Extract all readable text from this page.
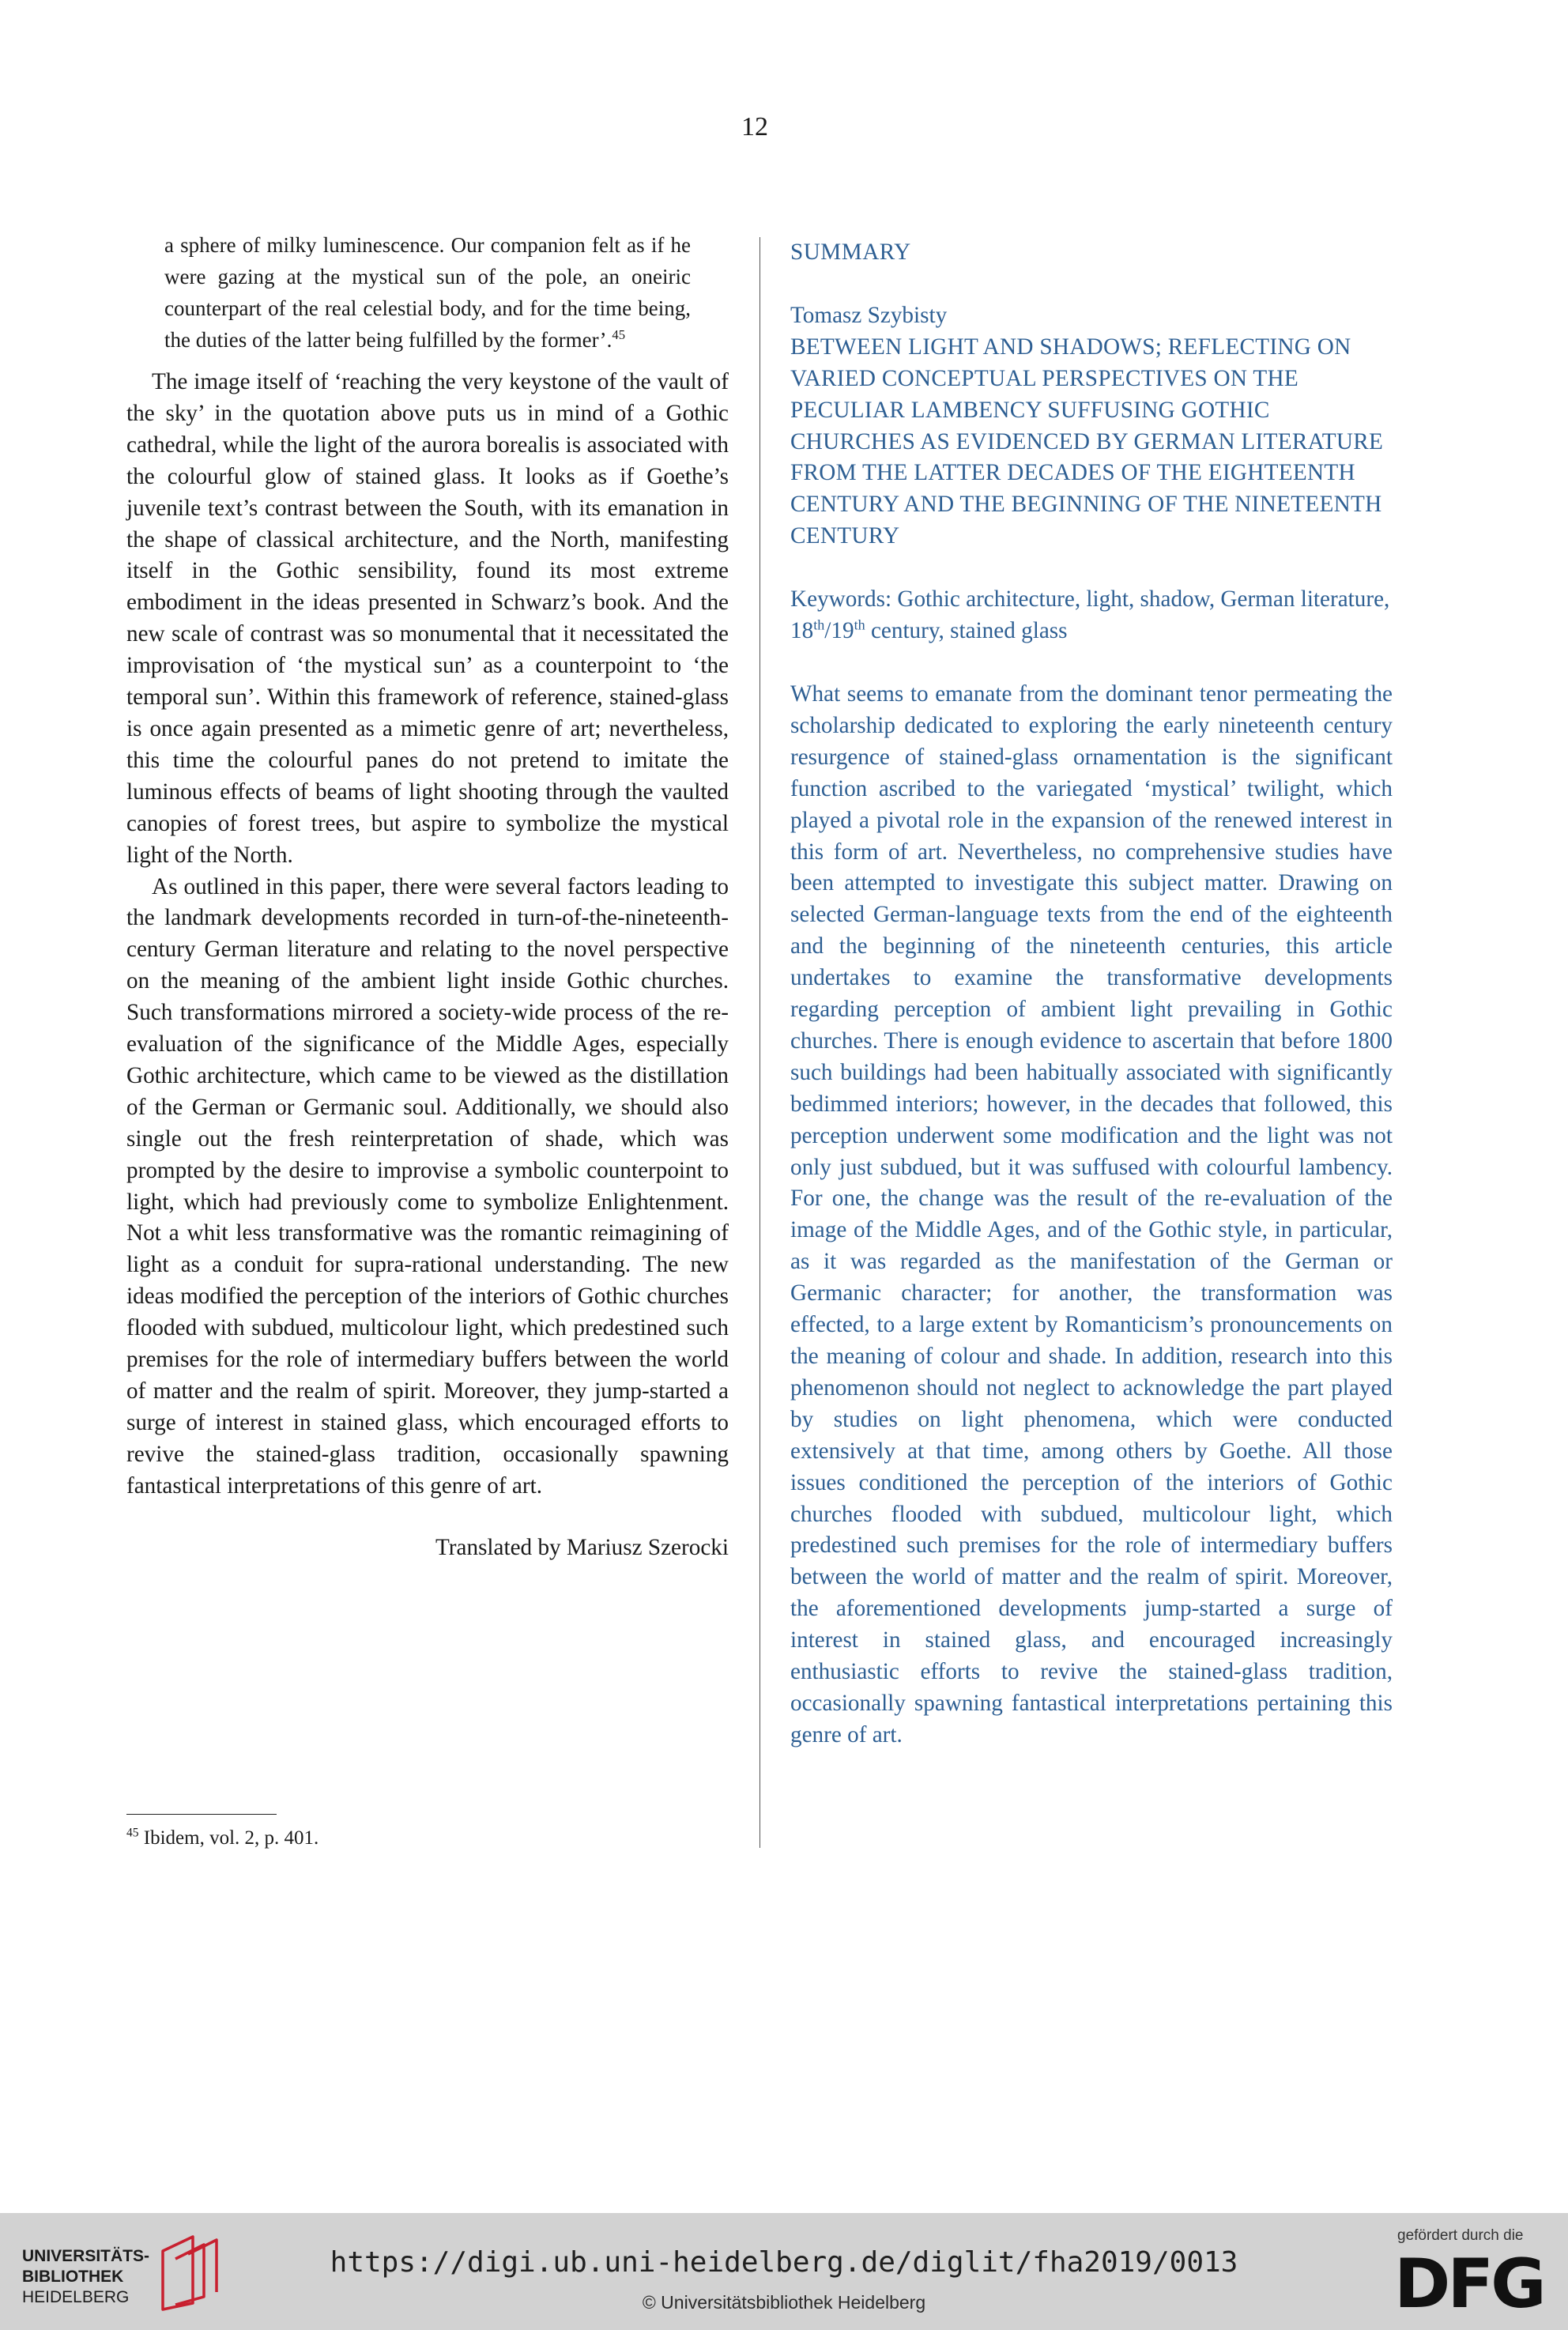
12
a sphere of milky luminescence. Our companion felt as if he were gazing at the mystical sun of the pole, an oneiric counterpart of the real celestial body, and for the time being, the duties of the latter being fulfilled by the former’.$^{45}$

The image itself of ‘reaching the very keystone of the vault of the sky’ in the quotation above puts us in mind of a Gothic cathedral, while the light of the aurora borealis is associated with the colourful glow of stained glass. It looks as if Goethe’s juvenile text’s contrast between the South, with its emanation in the shape of classical architecture, and the North, manifesting itself in the Gothic sensibility, found its most extreme embodiment in the ideas presented in Schwarz’s book. And the new scale of contrast was so monumental that it necessitated the improvisation of ‘the mystical sun’ as a counterpoint to ‘the temporal sun’. Within this framework of reference, stained-glass is once again presented as a mimetic genre of art; nevertheless, this time the colourful panes do not pretend to imitate the luminous effects of beams of light shooting through the vaulted canopies of forest trees, but aspire to symbolize the mystical light of the North.

As outlined in this paper, there were several factors leading to the landmark developments recorded in turn-of-the-nineteenth-century German literature and relating to the novel perspective on the meaning of the ambient light inside Gothic churches. Such transformations mirrored a society-wide process of the re-evaluation of the significance of the Middle Ages, especially Gothic architecture, which came to be viewed as the distillation of the German or Germanic soul. Additionally, we should also single out the fresh reinterpretation of shade, which was prompted by the desire to improvise a symbolic counterpoint to light, which had previously come to symbolize Enlightenment. Not a whit less transformative was the romantic reimagining of light as a conduit for supra-rational understanding. The new ideas modified the perception of the interiors of Gothic churches flooded with subdued, multicolour light, which predestined such premises for the role of intermediary buffers between the world of matter and the realm of spirit. Moreover, they jump-started a surge of interest in stained glass, which encouraged efforts to revive the stained-glass tradition, occasionally spawning fantastical interpretations of this genre of art.

Translated by Mariusz Szerocki
$^{45}$ Ibidem, vol. 2, p. 401.
SUMMARY
Tomasz Szybisty
BETWEEN LIGHT AND SHADOWS; REFLECTING ON VARIED CONCEPTUAL PERSPECTIVES ON THE PECULIAR LAMBENCY SUFFUSING GOTHIC CHURCHES AS EVIDENCED BY GERMAN LITERATURE FROM THE LATTER DECADES OF THE EIGHTEENTH CENTURY AND THE BEGINNING OF THE NINETEENTH CENTURY
Keywords: Gothic architecture, light, shadow, German literature, 18th/19th century, stained glass

What seems to emanate from the dominant tenor permeating the scholarship dedicated to exploring the early nineteenth century resurgence of stained-glass ornamentation is the significant function ascribed to the variegated ‘mystical’ twilight, which played a pivotal role in the expansion of the renewed interest in this form of art. Nevertheless, no comprehensive studies have been attempted to investigate this subject matter. Drawing on selected German-language texts from the end of the eighteenth and the beginning of the nineteenth centuries, this article undertakes to examine the transformative developments regarding perception of ambient light prevailing in Gothic churches. There is enough evidence to ascertain that before 1800 such buildings had been habitually associated with significantly bedimmed interiors; however, in the decades that followed, this perception underwent some modification and the light was not only just subdued, but it was suffused with colourful lambency. For one, the change was the result of the re-evaluation of the image of the Middle Ages, and of the Gothic style, in particular, as it was regarded as the manifestation of the German or Germanic character; for another, the transformation was effected, to a large extent by Romanticism’s pronouncements on the meaning of colour and shade. In addition, research into this phenomenon should not neglect to acknowledge the part played by studies on light phenomena, which were conducted extensively at that time, among others by Goethe. All those issues conditioned the perception of the interiors of Gothic churches flooded with subdued, multicolour light, which predestined such premises for the role of intermediary buffers between the world of matter and the realm of spirit. Moreover, the aforementioned developments jump-started a surge of interest in stained glass, and encouraged increasingly enthusiastic efforts to revive the stained-glass tradition, occasionally spawning fantastical interpretations pertaining this genre of art.

UNIVERSITÄTS-
BIBLIOTHEK
HEIDELBERG
https://digi.ub.uni-heidelberg.de/diglit/fha2019/0013
© Universitätsbibliothek Heidelberg
gefördert durch die
DFG
